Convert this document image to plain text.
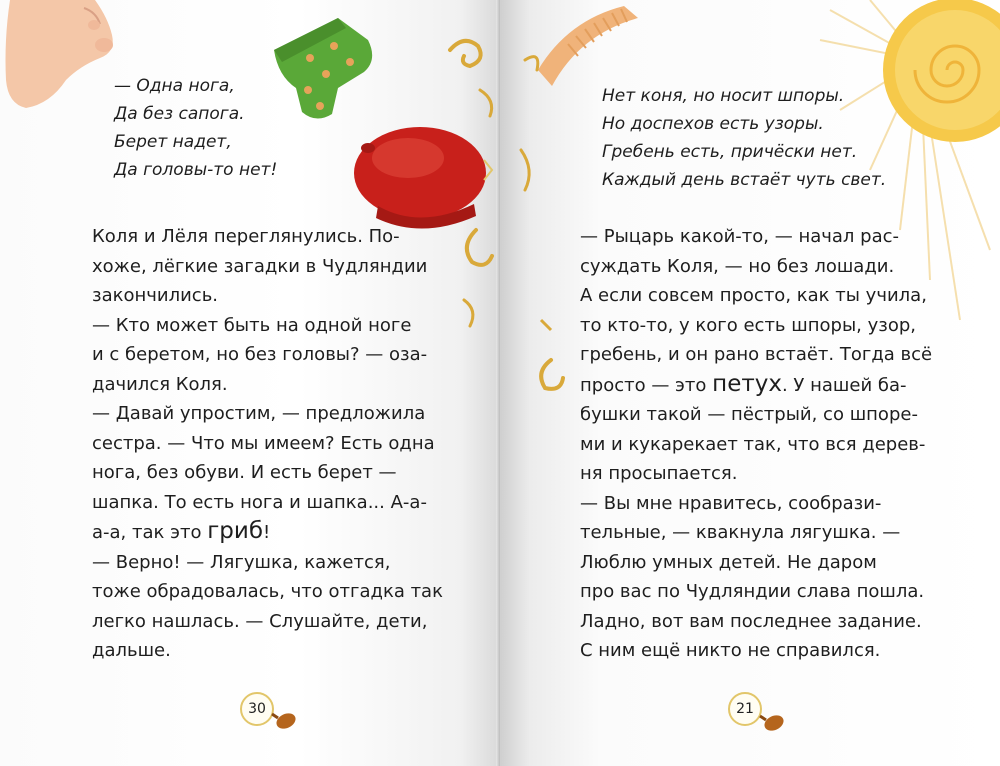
— Одна нога,
Да без сапога.
Берет надет,
Да головы-то нет!
Коля и Лёля переглянулись. По-
хоже, лёгкие загадки в Чудляндии
закончились.
— Кто может быть на одной ноге
и с беретом, но без головы? — оза-
дачился Коля.
— Давай упростим, — предложила
сестра. — Что мы имеем? Есть одна
нога, без обуви. И есть берет —
шапка. То есть нога и шапка... А-а-
а-а, так это гриб!
— Верно! — Лягушка, кажется,
тоже обрадовалась, что отгадка так
легко нашлась. — Слушайте, дети,
дальше.
30
Нет коня, но носит шпоры.
Но доспехов есть узоры.
Гребень есть, причёски нет.
Каждый день встаёт чуть свет.
— Рыцарь какой-то, — начал рас-
суждать Коля, — но без лошади.
А если совсем просто, как ты учила,
то кто-то, у кого есть шпоры, узор,
гребень, и он рано встаёт. Тогда всё
просто — это петух. У нашей ба-
бушки такой — пёстрый, со шпоре-
ми и кукарекает так, что вся дерев-
ня просыпается.
— Вы мне нравитесь, сообрази-
тельные, — квакнула лягушка. —
Люблю умных детей. Не даром
про вас по Чудляндии слава пошла.
Ладно, вот вам последнее задание.
С ним ещё никто не справился.
21
